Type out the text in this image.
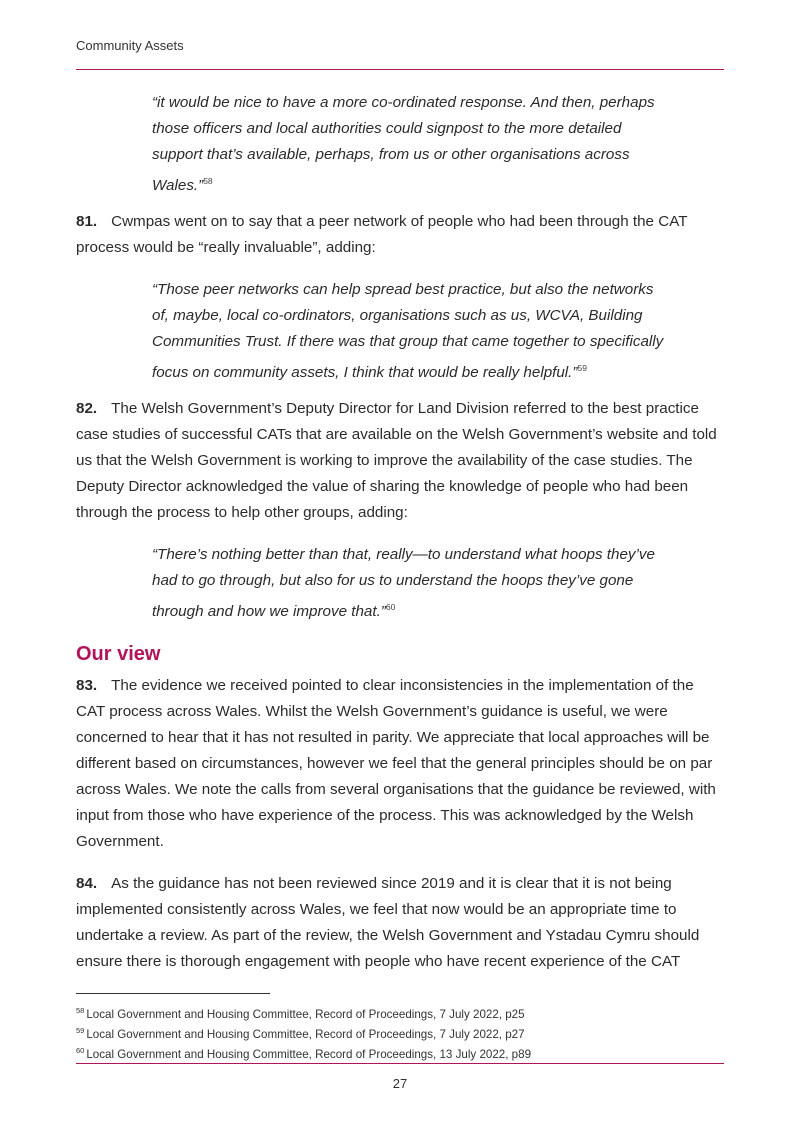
Community Assets

“it would be nice to have a more co-ordinated response. And then, perhaps those officers and local authorities could signpost to the more detailed support that’s available, perhaps, from us or other organisations across Wales.”$^{58}$

81. Cwmpas went on to say that a peer network of people who had been through the CAT process would be “really invaluable”, adding:

“Those peer networks can help spread best practice, but also the networks of, maybe, local co-ordinators, organisations such as us, WCVA, Building Communities Trust. If there was that group that came together to specifically focus on community assets, I think that would be really helpful.”$^{59}$

82. The Welsh Government’s Deputy Director for Land Division referred to the best practice case studies of successful CATs that are available on the Welsh Government’s website and told us that the Welsh Government is working to improve the availability of the case studies. The Deputy Director acknowledged the value of sharing the knowledge of people who had been through the process to help other groups, adding:

“There’s nothing better than that, really—to understand what hoops they’ve had to go through, but also for us to understand the hoops they’ve gone through and how we improve that.”$^{60}$

Our view

83. The evidence we received pointed to clear inconsistencies in the implementation of the CAT process across Wales. Whilst the Welsh Government’s guidance is useful, we were concerned to hear that it has not resulted in parity. We appreciate that local approaches will be different based on circumstances, however we feel that the general principles should be on par across Wales. We note the calls from several organisations that the guidance be reviewed, with input from those who have experience of the process. This was acknowledged by the Welsh Government.

84. As the guidance has not been reviewed since 2019 and it is clear that it is not being implemented consistently across Wales, we feel that now would be an appropriate time to undertake a review. As part of the review, the Welsh Government and Ystadau Cymru should ensure there is thorough engagement with people who have recent experience of the CAT

$^{58}$ Local Government and Housing Committee, Record of Proceedings, 7 July 2022, p25
$^{59}$ Local Government and Housing Committee, Record of Proceedings, 7 July 2022, p27
$^{60}$ Local Government and Housing Committee, Record of Proceedings, 13 July 2022, p89
27
